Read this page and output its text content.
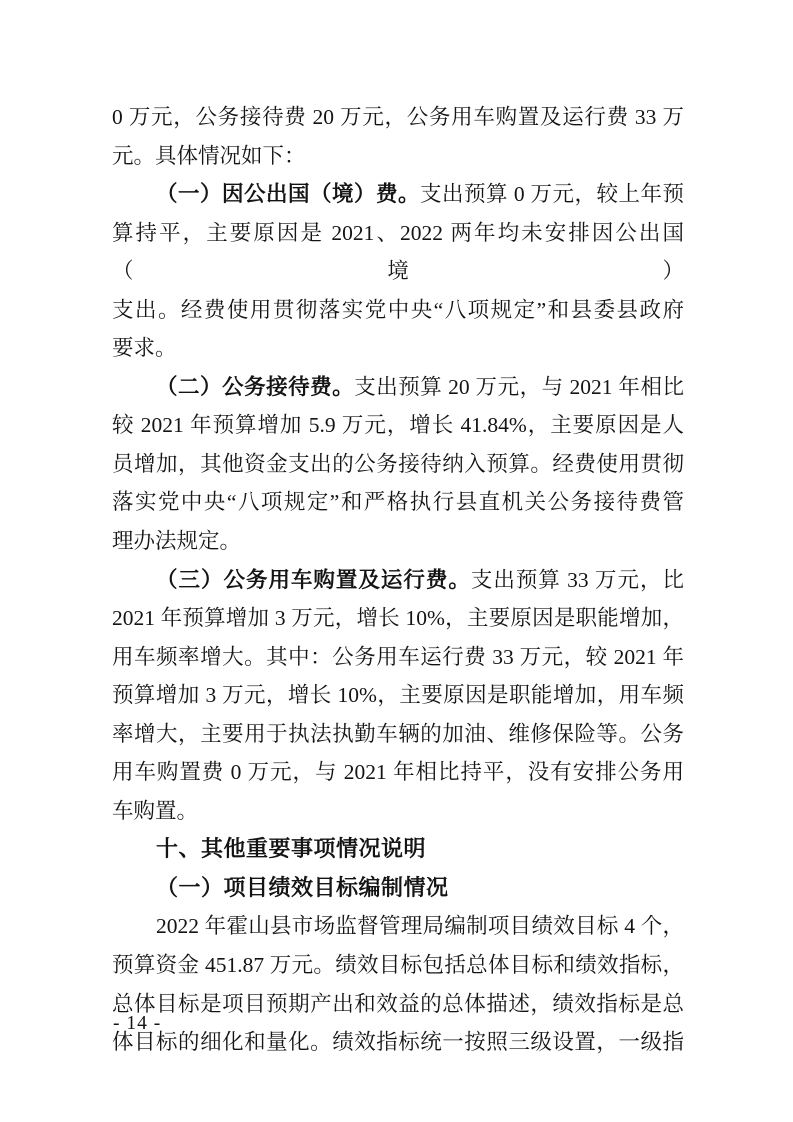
0 万元，公务接待费 20 万元，公务用车购置及运行费 33 万
元。具体情况如下：
（一）因公出国（境）费。支出预算 0 万元，较上年预
算持平，主要原因是 2021、2022 两年均未安排因公出国（境）
支出。经费使用贯彻落实党中央“八项规定”和县委县政府
要求。
（二）公务接待费。支出预算 20 万元，与 2021 年相比
较 2021 年预算增加 5.9 万元，增长 41.84%，主要原因是人
员增加，其他资金支出的公务接待纳入预算。经费使用贯彻
落实党中央“八项规定”和严格执行县直机关公务接待费管
理办法规定。
（三）公务用车购置及运行费。支出预算 33 万元，比
2021 年预算增加 3 万元，增长 10%，主要原因是职能增加，
用车频率增大。其中：公务用车运行费 33 万元，较 2021 年
预算增加 3 万元，增长 10%，主要原因是职能增加，用车频
率增大，主要用于执法执勤车辆的加油、维修保险等。公务
用车购置费 0 万元，与 2021 年相比持平，没有安排公务用
车购置。
十、其他重要事项情况说明
（一）项目绩效目标编制情况
2022 年霍山县市场监督管理局编制项目绩效目标 4 个，
预算资金 451.87 万元。绩效目标包括总体目标和绩效指标，
总体目标是项目预期产出和效益的总体描述，绩效指标是总
体目标的细化和量化。绩效指标统一按照三级设置，一级指
- 14 -
